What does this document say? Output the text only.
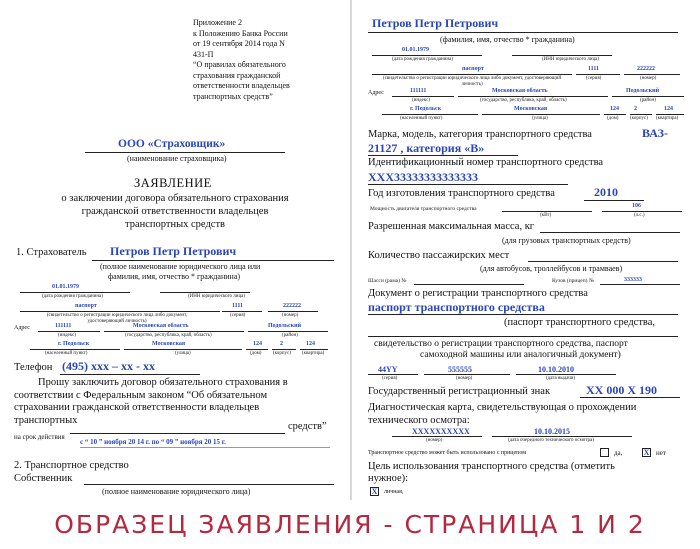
Приложение 2
к Положению Банка России
от 19 сентября 2014 года N
431-П
“О правилах обязательного
страхования гражданской
ответственности владельцев
транспортных средств”
ООО «Страховщик»
(наименование страховщика)
ЗАЯВЛЕНИЕ
о заключении договора обязательного страхования
гражданской ответственности владельцев
транспортных средств
1. Страхователь Петров Петр Петрович
(полное наименование юридического лица или
фамилия, имя, отчество * гражданина)
01.01.1979
(дата рождения гражданина)	(ИНН юридического лица)
паспорт	1111	222222
(свидетельство о регистрации юридического лица либо документ, удостоверяющий личность)
(серия)	(номер)
Адрес	111111	Московская область	Подольский
(индекс)	(государство, республика, край, область)	(район)
г. Подольск	Московская	124	2	124
(населенный пункт)	(улица)	(дом) (корпус) (квартира)
Телефон (495) xxx – xx - xx
Прошу заключить договор обязательного страхования в
соответствии с Федеральным законом “Об обязательном
страховании гражданской ответственности владельцев
транспортных
средств”
на срок действия
с “ 10 ” ноября 20 14 г. по “ 09 ” ноября 20 15 г.
2. Транспортное средство
Собственник
(полное наименование юридического лица)
Петров Петр Петрович
(фамилия, имя, отчество * гражданина)
01.01.1979
(дата рождения гражданина)	(ИНН юридического лица)
паспорт	1111	222222
(свидетельство о регистрации юридического лица либо документ, удостоверяющий личность)
(серия)	(номер)
Адрес	111111	Московская область	Подольский
(индекс)	(государство, республика, край, область)	(район)
г. Подольск	Московская	124	2	124
(населенный пункт)	(улица)	(дом) (корпус) (квартира)
Марка, модель, категория транспортного средства	ВАЗ-
21127 , категория «В»
Идентификационный номер транспортного средства
XXX33333333333333
Год изготовления транспортного средства	2010
Мощность двигателя транспортного средства	106
(кВт)	(л.с.)
Разрешенная максимальная масса, кг
(для грузовых транспортных средств)
Количество пассажирских мест
(для автобусов, троллейбусов и трамваев)
Шасси (рама) №	Кузов (прицеп) №	333333
Документ о регистрации транспортного средства
паспорт транспортного средства
(паспорт транспортного средства,
свидетельство о регистрации транспортного средства, паспорт
самоходной машины или аналогичный документ)
44YY	555555	10.10.2010
(серия)	(номер)	(дата выдачи)
Государственный регистрационный знак	XX 000 X 190
Диагностическая карта, свидетельствующая о прохождении
технического осмотра:
XXXXXXXXXX	10.10.2015
(номер)	(дата очередного технического осмотра)
Транспортное средство может быть использовано с прицепом	да,	X нет
Цель использования транспортного средства (отметить
нужное):
X личная,
ОБРАЗЕЦ ЗАЯВЛЕНИЯ - СТРАНИЦА 1 И 2
